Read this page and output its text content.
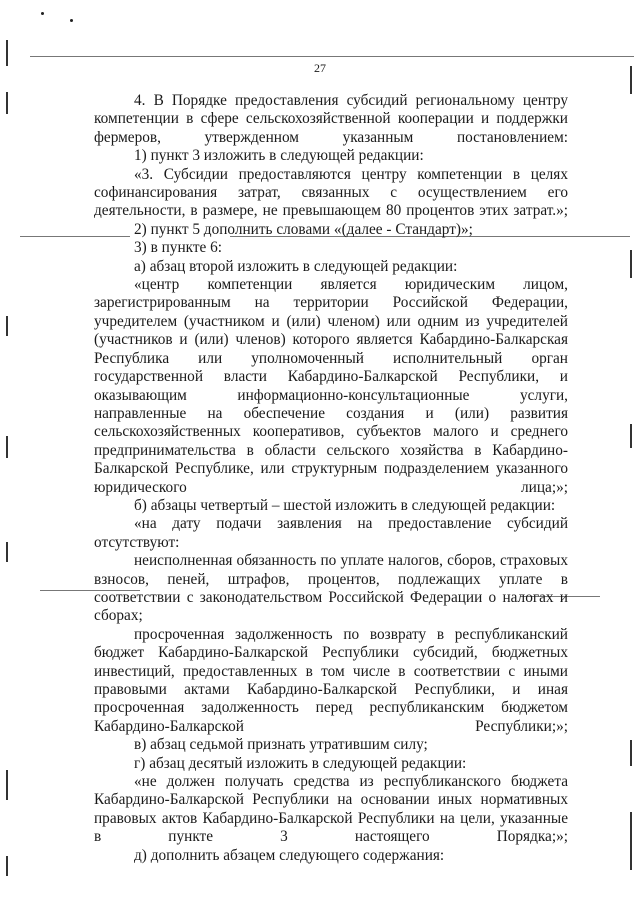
27

4. В Порядке предоставления субсидий региональному центру компетенции в сфере сельскохозяйственной кооперации и поддержки фермеров, утвержденном указанным постановлением:

1) пункт 3 изложить в следующей редакции:

«3. Субсидии предоставляются центру компетенции в целях софинансирования затрат, связанных с осуществлением его деятельности, в размере, не превышающем 80 процентов этих затрат.»;

2) пункт 5 дополнить словами «(далее - Стандарт)»;

3) в пункте 6:

а) абзац второй изложить в следующей редакции:

«центр компетенции является юридическим лицом, зарегистрированным на территории Российской Федерации, учредителем (участником и (или) членом) или одним из учредителей (участников и (или) членов) которого является Кабардино-Балкарская Республика или уполномоченный исполнительный орган государственной власти Кабардино-Балкарской Республики, и оказывающим информационно-консультационные услуги, направленные на обеспечение создания и (или) развития сельскохозяйственных кооперативов, субъектов малого и среднего предпринимательства в области сельского хозяйства в Кабардино-Балкарской Республике, или структурным подразделением указанного юридического лица;»;

б) абзацы четвертый – шестой изложить в следующей редакции:

«на дату подачи заявления на предоставление субсидий отсутствуют:

неисполненная обязанность по уплате налогов, сборов, страховых взносов, пеней, штрафов, процентов, подлежащих уплате в соответствии с законодательством Российской Федерации о налогах и сборах;

просроченная задолженность по возврату в республиканский бюджет Кабардино-Балкарской Республики субсидий, бюджетных инвестиций, предоставленных в том числе в соответствии с иными правовыми актами Кабардино-Балкарской Республики, и иная просроченная задолженность перед республиканским бюджетом Кабардино-Балкарской Республики;»;

в) абзац седьмой признать утратившим силу;

г) абзац десятый изложить в следующей редакции:

«не должен получать средства из республиканского бюджета Кабардино-Балкарской Республики на основании иных нормативных правовых актов Кабардино-Балкарской Республики на цели, указанные в пункте 3 настоящего Порядка;»;

д) дополнить абзацем следующего содержания:
